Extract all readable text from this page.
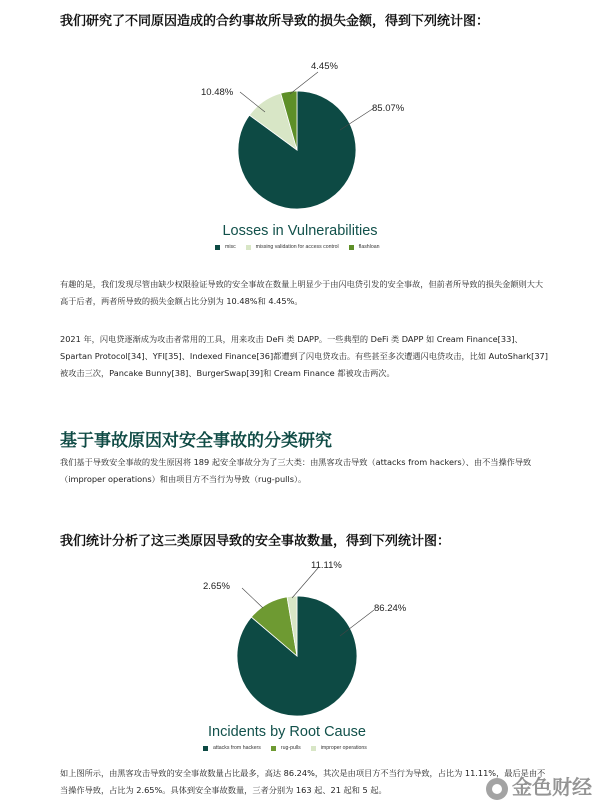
我们研究了不同原因造成的合约事故所导致的损失金额，得到下列统计图：
Losses in Vulnerabilities
4.45%
10.48%
85.07%
misc	missing validation for access control	flashloan
有趣的是，我们发现尽管由缺少权限验证导致的安全事故在数量上明显少于由闪电贷引发的安全事故，但前者所导致的损失金额则大大高于后者，两者所导致的损失金额占比分别为 10.48%和 4.45%。
2021 年，闪电贷逐渐成为攻击者常用的工具，用来攻击 DeFi 类 DAPP。一些典型的 DeFi 类 DAPP 如 Cream Finance[33]、Spartan Protocol[34]、YFI[35]、Indexed Finance[36]都遭到了闪电贷攻击。有些甚至多次遭遇闪电贷攻击，比如 AutoShark[37]被攻击三次，Pancake Bunny[38]、BurgerSwap[39]和 Cream Finance 都被攻击两次。
基于事故原因对安全事故的分类研究
我们基于导致安全事故的发生原因将 189 起安全事故分为了三大类：由黑客攻击导致（attacks from hackers）、由不当操作导致（improper operations）和由项目方不当行为导致（rug-pulls）。
我们统计分析了这三类原因导致的安全事故数量，得到下列统计图：
Incidents by Root Cause
11.11%
2.65%
86.24%
attacks from hackers	rug-pulls	improper operations
如上图所示，由黑客攻击导致的安全事故数量占比最多，高达 86.24%，其次是由项目方不当行为导致，占比为 11.11%，最后是由不当操作导致，占比为 2.65%。具体到安全事故数量，三者分别为 163 起、21 起和 5 起。	金色财经
